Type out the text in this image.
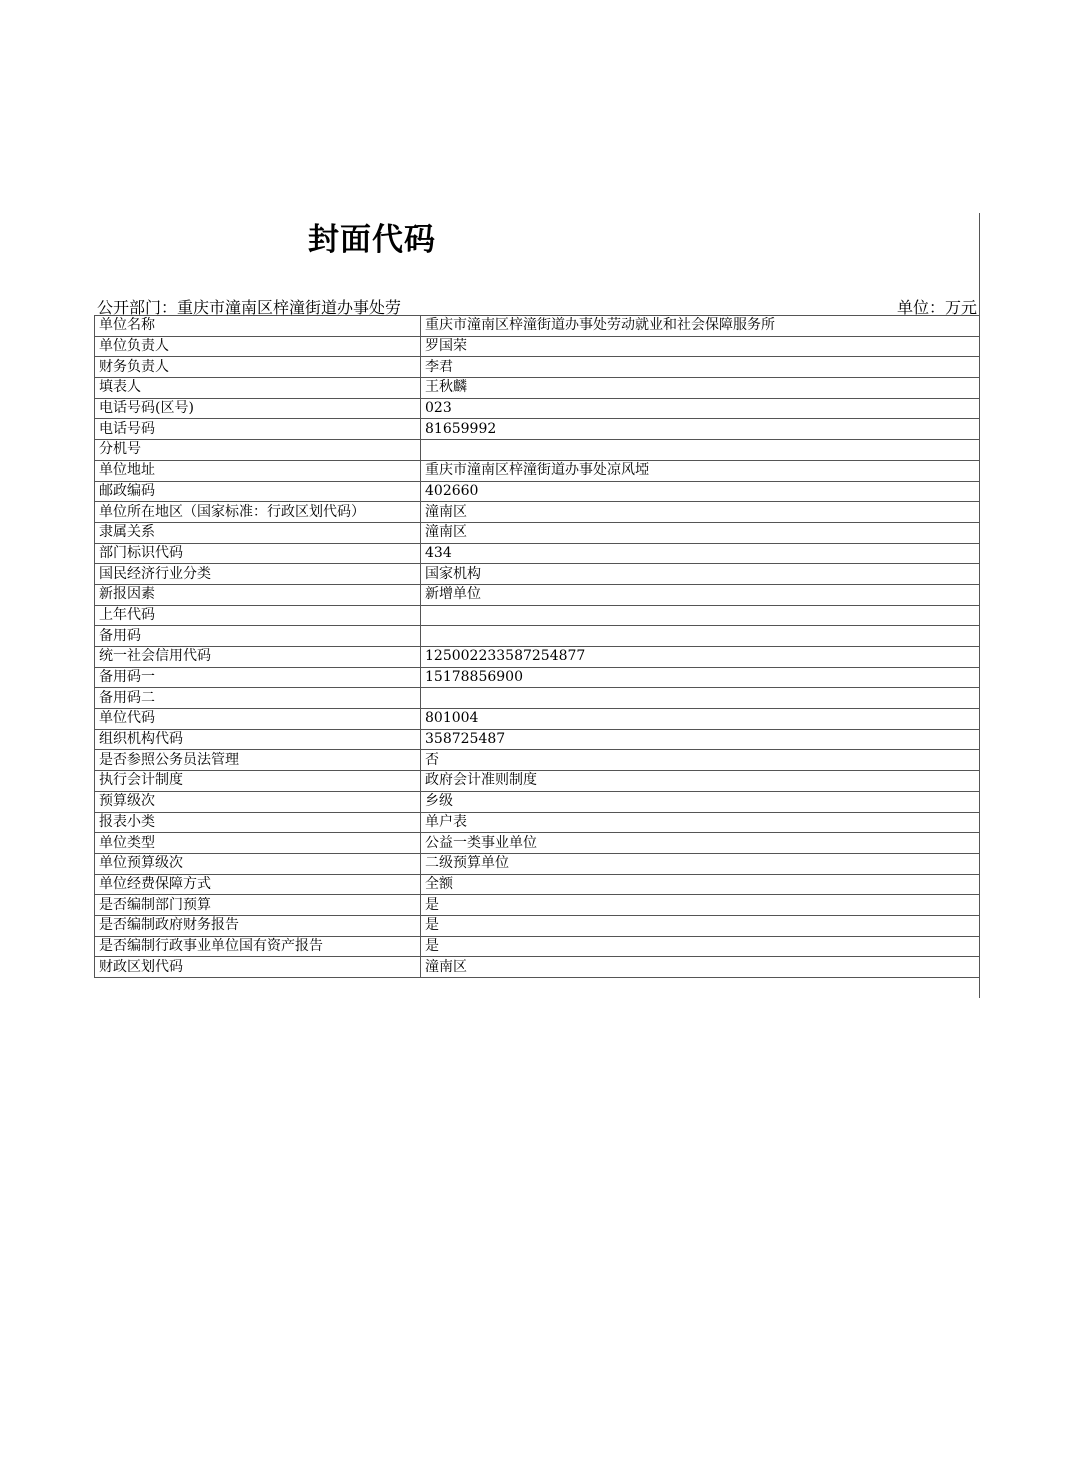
封面代码
公开部门：重庆市潼南区梓潼街道办事处劳	单位：万元
单位名称	重庆市潼南区梓潼街道办事处劳动就业和社会保障服务所
单位负责人	罗国荣
财务负责人	李君
填表人	王秋麟
电话号码(区号)	023
电话号码	81659992
分机号	
单位地址	重庆市潼南区梓潼街道办事处凉风埡
邮政编码	402660
单位所在地区（国家标准：行政区划代码）	潼南区
隶属关系	潼南区
部门标识代码	434
国民经济行业分类	国家机构
新报因素	新增单位
上年代码	
备用码	
统一社会信用代码	125002233587254877
备用码一	15178856900
备用码二	
单位代码	801004
组织机构代码	358725487
是否参照公务员法管理	否
执行会计制度	政府会计准则制度
预算级次	乡级
报表小类	单户表
单位类型	公益一类事业单位
单位预算级次	二级预算单位
单位经费保障方式	全额
是否编制部门预算	是
是否编制政府财务报告	是
是否编制行政事业单位国有资产报告	是
财政区划代码	潼南区
